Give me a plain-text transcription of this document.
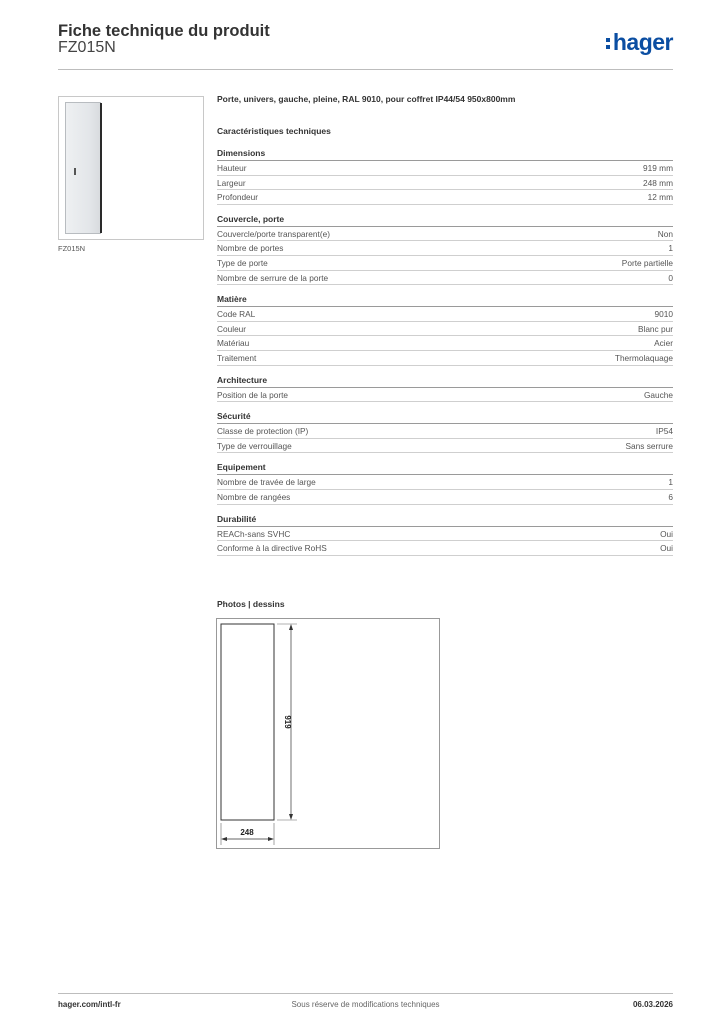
Fiche technique du produit
FZ015N	hager
FZ015N
Porte, univers, gauche, pleine, RAL 9010, pour coffret IP44/54 950x800mm
Caractéristiques techniques
Dimensions
Hauteur	919 mm
Largeur	248 mm
Profondeur	12 mm
Couvercle, porte
Couvercle/porte transparent(e)	Non
Nombre de portes	1
Type de porte	Porte partielle
Nombre de serrure de la porte	0
Matière
Code RAL	9010
Couleur	Blanc pur
Matériau	Acier
Traitement	Thermolaquage
Architecture
Position de la porte	Gauche
Sécurité
Classe de protection (IP)	IP54
Type de verrouillage	Sans serrure
Equipement
Nombre de travée de large	1
Nombre de rangées	6
Durabilité
REACh-sans SVHC	Oui
Conforme à la directive RoHS	Oui
Photos | dessins
919
248
hager.com/intl-fr	Sous réserve de modifications techniques	06.03.2026
